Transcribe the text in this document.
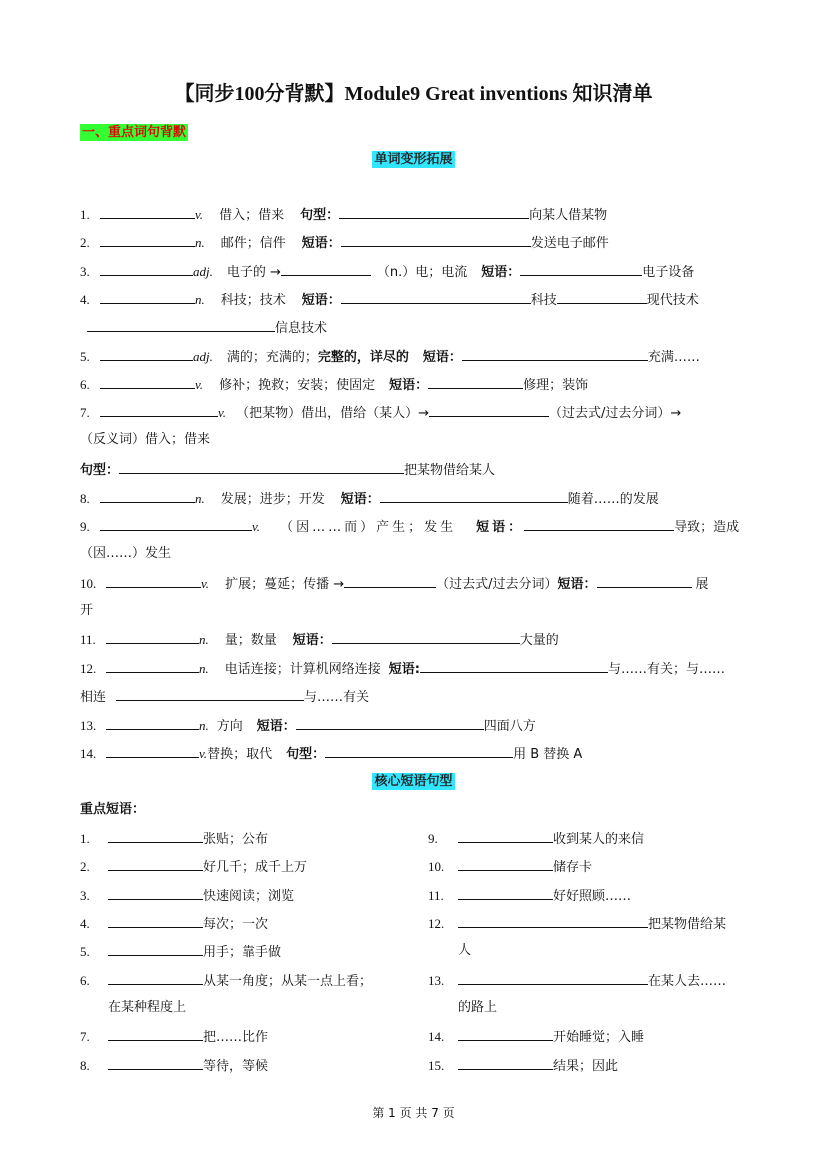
【同步100分背默】Module9 Great inventions 知识清单
一、重点词句背默
单词变形拓展
1.	v. 借入；借来 句型：	向某人借某物
2.	n. 邮件；信件 短语：	发送电子邮件
3.	adj. 电子的 →	（n.）电；电流 短语：	电子设备
4.	n. 科技；技术 短语：	科技	现代技术
信息技术
5.	adj. 满的；充满的；完整的，详尽的 短语：	充满……
6.	v. 修补；挽救；安装；使固定 短语：	修理；装饰
7.	v. （把某物）借出，借给（某人）→	（过去式/过去分词）→
（反义词）借入；借来
句型：	把某物借给某人
8.	n. 发展；进步；开发 短语：	随着……的发展
9.	v. （因……而）产生；发生 短语：	导致；造成
（因……）发生
10.	v. 扩展；蔓延；传播 →	（过去式/过去分词）短语：	展
开
11.	n. 量；数量 短语：	大量的
12.	n. 电话连接；计算机网络连接 短语:	与……有关；与……
相连	与……有关
13.	n. 方向 短语：	四面八方
14.	v.替换；取代 句型：	用 B 替换 A
核心短语句型
重点短语：
1.	张贴；公布
2.	好几千；成千上万
3.	快速阅读；浏览
4.	每次；一次
5.	用手；靠手做
6.	从某一角度；从某一点上看；
在某种程度上
7.	把……比作
8.	等待，等候
9.	收到某人的来信
10.	储存卡
11.	好好照顾……
12.	把某物借给某
人
13.	在某人去……
的路上
14.	开始睡觉；入睡
15.	结果；因此
第 1 页 共 7 页
